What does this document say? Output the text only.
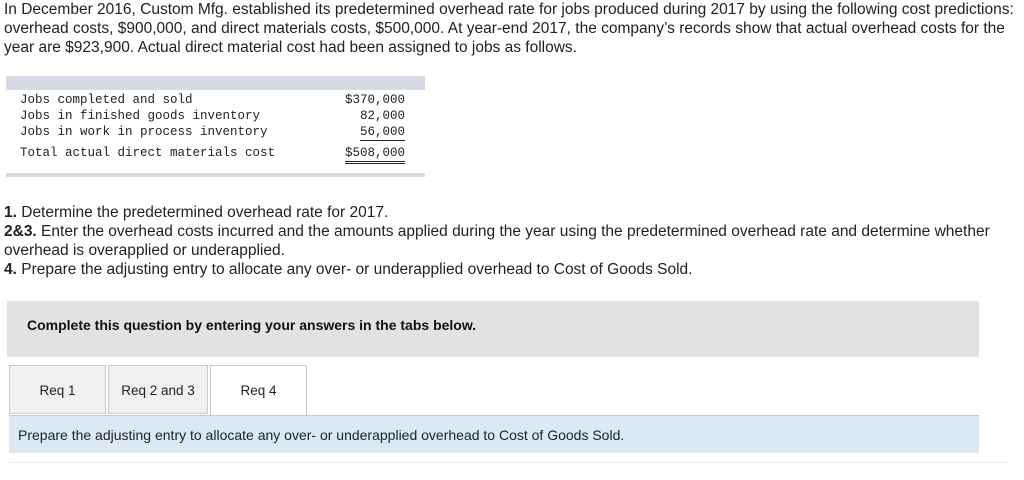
In December 2016, Custom Mfg. established its predetermined overhead rate for jobs produced during 2017 by using the following cost predictions: overhead costs, $900,000, and direct materials costs, $500,000. At year-end 2017, the company’s records show that actual overhead costs for the year are $923,900. Actual direct material cost had been assigned to jobs as follows.
Jobs completed and sold	$370,000
Jobs in finished goods inventory	82,000
Jobs in work in process inventory	56,000
Total actual direct materials cost	$508,000
1. Determine the predetermined overhead rate for 2017.
2&3. Enter the overhead costs incurred and the amounts applied during the year using the predetermined overhead rate and determine whether overhead is overapplied or underapplied.
4. Prepare the adjusting entry to allocate any over- or underapplied overhead to Cost of Goods Sold.
Complete this question by entering your answers in the tabs below.
Req 1	Req 2 and 3	Req 4
Prepare the adjusting entry to allocate any over- or underapplied overhead to Cost of Goods Sold.
